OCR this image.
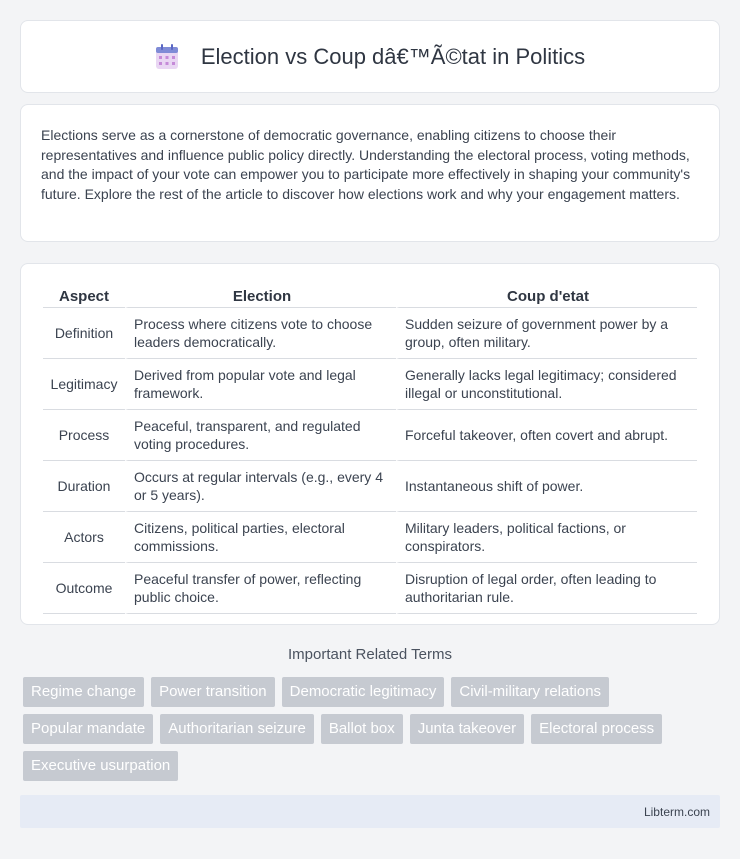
Election vs Coup dâ€™Ã©tat in Politics

Elections serve as a cornerstone of democratic governance, enabling citizens to choose their representatives and influence public policy directly. Understanding the electoral process, voting methods, and the impact of your vote can empower you to participate more effectively in shaping your community's future. Explore the rest of the article to discover how elections work and why your engagement matters.

Aspect	Election	Coup d'etat
Definition	Process where citizens vote to choose leaders democratically.	Sudden seizure of government power by a group, often military.
Legitimacy	Derived from popular vote and legal framework.	Generally lacks legal legitimacy; considered illegal or unconstitutional.
Process	Peaceful, transparent, and regulated voting procedures.	Forceful takeover, often covert and abrupt.
Duration	Occurs at regular intervals (e.g., every 4 or 5 years).	Instantaneous shift of power.
Actors	Citizens, political parties, electoral commissions.	Military leaders, political factions, or conspirators.
Outcome	Peaceful transfer of power, reflecting public choice.	Disruption of legal order, often leading to authoritarian rule.
Important Related Terms
Regime change	Power transition	Democratic legitimacy	Civil-military relations
Popular mandate	Authoritarian seizure	Ballot box	Junta takeover	Electoral process
Executive usurpation
Libterm.com
